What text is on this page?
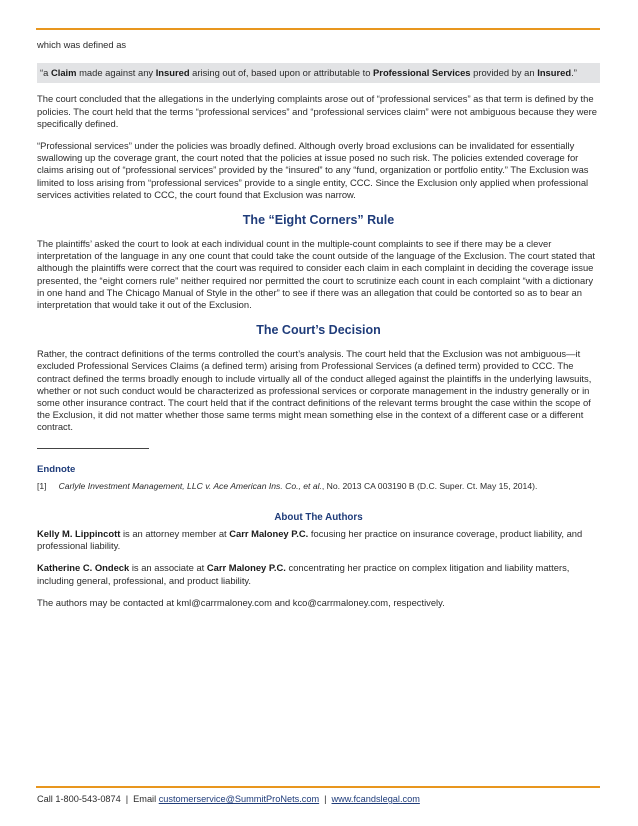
which was defined as

“a Claim made against any Insured arising out of, based upon or attributable to Professional Services provided by an Insured.”

The court concluded that the allegations in the underlying complaints arose out of “professional services” as that term is defined by the policies. The court held that the terms “professional services” and “professional services claim” were not ambiguous because they were specifically defined.

“Professional services” under the policies was broadly defined. Although overly broad exclusions can be invalidated for essentially swallowing up the coverage grant, the court noted that the policies at issue posed no such risk. The policies extended coverage for claims arising out of “professional services” provided by the “insured” to any “fund, organization or portfolio entity.” The Exclusion was limited to loss arising from “professional services” provide to a single entity, CCC. Since the Exclusion only applied when professional services activities related to CCC, the court found that Exclusion was narrow.

The “Eight Corners” Rule

The plaintiffs’ asked the court to look at each individual count in the multiple-count complaints to see if there may be a clever interpretation of the language in any one count that could take the count outside of the language of the Exclusion. The court stated that although the plaintiffs were correct that the court was required to consider each claim in each complaint in deciding the coverage issue presented, the “eight corners rule” neither required nor permitted the court to scrutinize each count in each complaint “with a dictionary in one hand and The Chicago Manual of Style in the other” to see if there was an allegation that could be contorted so as to bear an interpretation that would take it out of the Exclusion.

The Court’s Decision

Rather, the contract definitions of the terms controlled the court’s analysis. The court held that the Exclusion was not ambiguous—it excluded Professional Services Claims (a defined term) arising from Professional Services (a defined term) provided to CCC. The contract defined the terms broadly enough to include virtually all of the conduct alleged against the plaintiffs in the underlying lawsuits, whether or not such conduct would be characterized as professional services or corporate management in the industry generally or in some other insurance contract. The court held that if the contract definitions of the relevant terms brought the case within the scope of the Exclusion, it did not matter whether those same terms might mean something else in the context of a different case or a different contract.

Endnote

[1] Carlyle Investment Management, LLC v. Ace American Ins. Co., et al., No. 2013 CA 003190 B (D.C. Super. Ct. May 15, 2014).

About The Authors

Kelly M. Lippincott is an attorney member at Carr Maloney P.C. focusing her practice on insurance coverage, product liability, and professional liability.

Katherine C. Ondeck is an associate at Carr Maloney P.C. concentrating her practice on complex litigation and liability matters, including general, professional, and product liability.

The authors may be contacted at kml@carrmaloney.com and kco@carrmaloney.com, respectively.

Call 1-800-543-0874 | Email customerservice@SummitProNets.com | www.fcandslegal.com
